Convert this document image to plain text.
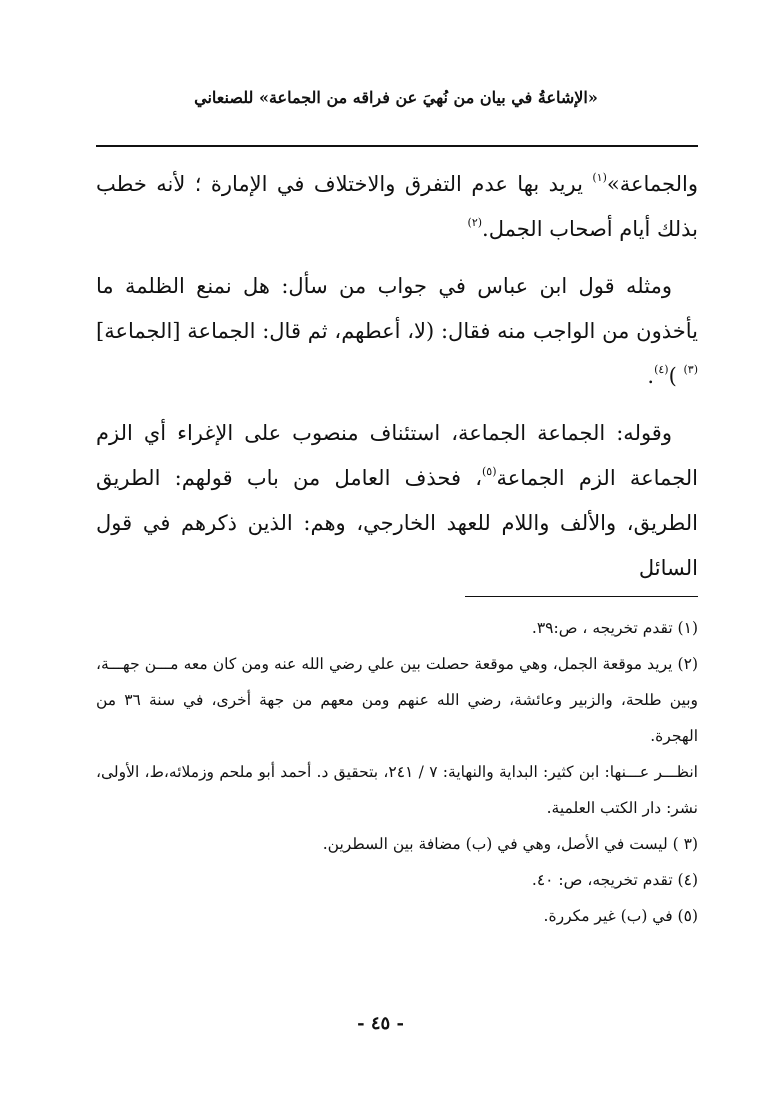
«الإشاعةُ في بيان من نُهيَ عن فراقه من الجماعة» للصنعاني

والجماعة»$^{(١)}$ يريد بها عدم التفرق والاختلاف في الإمارة ؛ لأنه خطب بذلك أيام أصحاب الجمل.$^{(٢)}$

ومثله قول ابن عباس في جواب من سأل: هل نمنع الظلمة ما يأخذون من الواجب منه فقال: (لا، أعطهم، ثم قال: الجماعة [الجماعة]$^{(٣)}$ )$^{(٤)}$.

وقوله: الجماعة الجماعة، استئناف منصوب على الإغراء أي الزم الجماعة الزم الجماعة$^{(٥)}$، فحذف العامل من باب قولهم: الطريق الطريق، والألف واللام للعهد الخارجي، وهم: الذين ذكرهم في قول السائل

(١) تقدم تخريجه ، ص:٣٩.

(٢) يريد موقعة الجمل، وهي موقعة حصلت بين علي رضي الله عنه ومن كان معه مـــن جهـــة، وبين طلحة، والزبير وعائشة، رضي الله عنهم ومن معهم من جهة أخرى، في سنة ٣٦ من الهجرة.

انظـــر عـــنها: ابن كثير: البداية والنهاية: ٧ / ٢٤١، بتحقيق د. أحمد أبو ملحم وزملائه،ط، الأولى، نشر: دار الكتب العلمية.

(٣ ) ليست في الأصل، وهي في (ب) مضافة بين السطرين.

(٤) تقدم تخريجه، ص: ٤٠.

(٥) في (ب) غير مكررة.

- ٤٥ -
